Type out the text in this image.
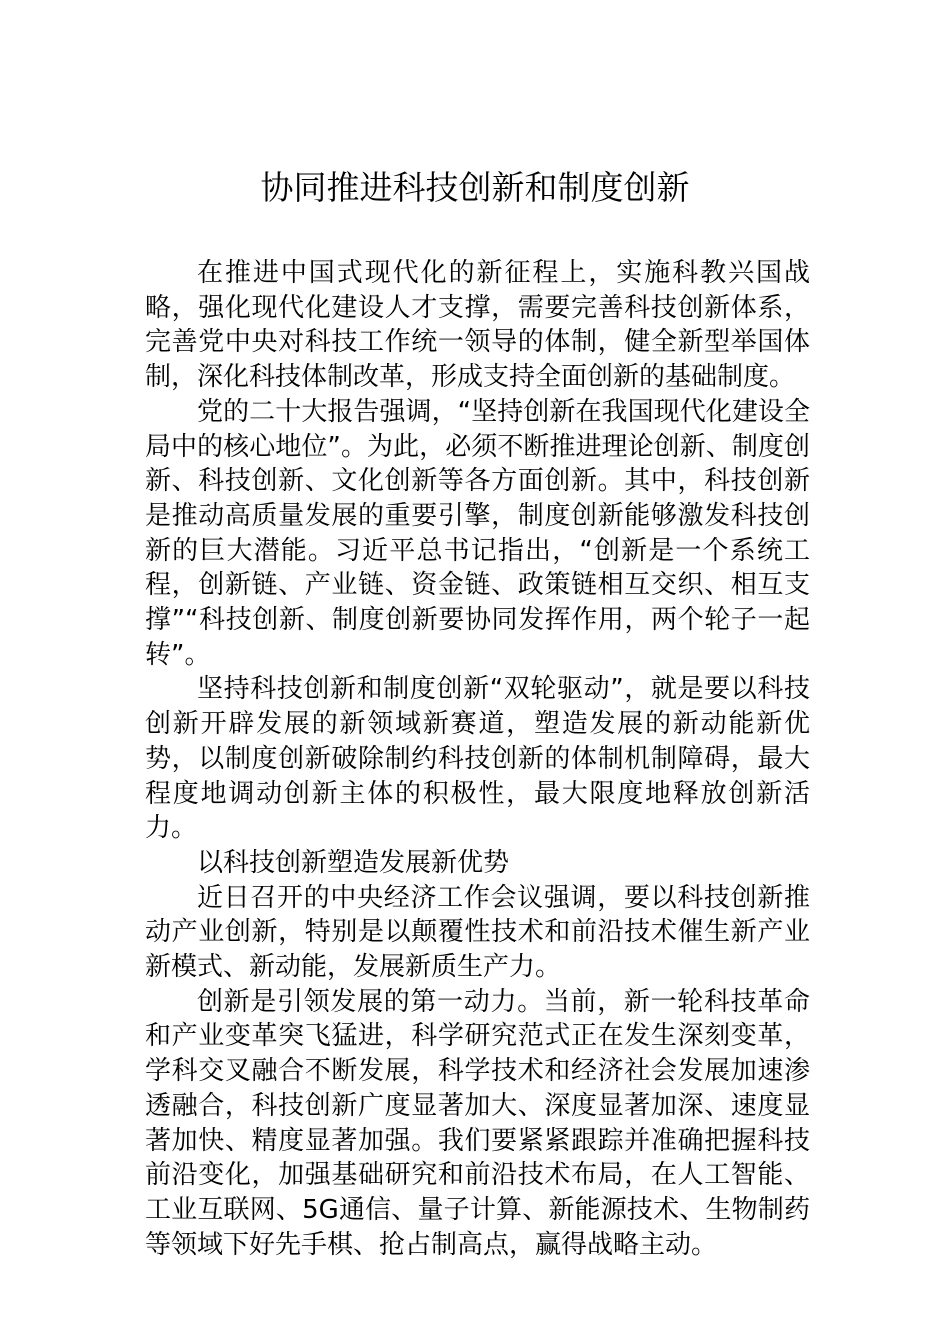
协同推进科技创新和制度创新

在推进中国式现代化的新征程上，实施科教兴国战略，强化现代化建设人才支撑，需要完善科技创新体系，完善党中央对科技工作统一领导的体制，健全新型举国体制，深化科技体制改革，形成支持全面创新的基础制度。

党的二十大报告强调，“坚持创新在我国现代化建设全局中的核心地位”。为此，必须不断推进理论创新、制度创新、科技创新、文化创新等各方面创新。其中，科技创新是推动高质量发展的重要引擎，制度创新能够激发科技创新的巨大潜能。习近平总书记指出，“创新是一个系统工程，创新链、产业链、资金链、政策链相互交织、相互支撑”“科技创新、制度创新要协同发挥作用，两个轮子一起转”。

坚持科技创新和制度创新“双轮驱动”，就是要以科技创新开辟发展的新领域新赛道，塑造发展的新动能新优势，以制度创新破除制约科技创新的体制机制障碍，最大程度地调动创新主体的积极性，最大限度地释放创新活力。

以科技创新塑造发展新优势

近日召开的中央经济工作会议强调，要以科技创新推动产业创新，特别是以颠覆性技术和前沿技术催生新产业新模式、新动能，发展新质生产力。

创新是引领发展的第一动力。当前，新一轮科技革命和产业变革突飞猛进，科学研究范式正在发生深刻变革，学科交叉融合不断发展，科学技术和经济社会发展加速渗透融合，科技创新广度显著加大、深度显著加深、速度显著加快、精度显著加强。我们要紧紧跟踪并准确把握科技前沿变化，加强基础研究和前沿技术布局，在人工智能、工业互联网、5G通信、量子计算、新能源技术、生物制药等领域下好先手棋、抢占制高点，赢得战略主动。
